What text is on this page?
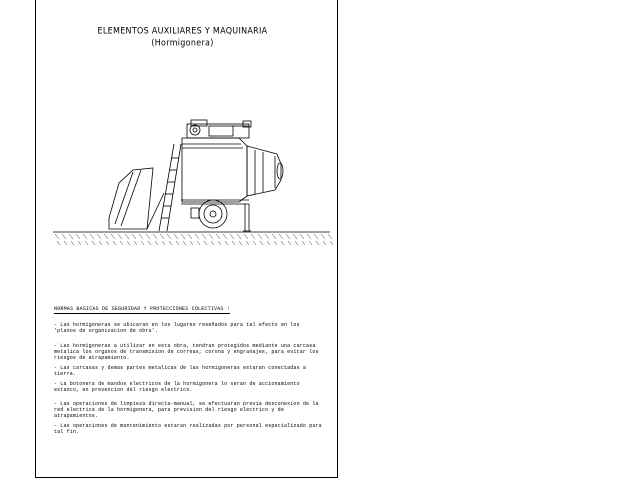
ELEMENTOS AUXILIARES Y MAQUINARIA
(Hormigonera)
NORMAS BASICAS DE SEGURIDAD Y PROTECCIONES COLECTIVAS :
- Las hormigoneras se ubicaran en los lugares reseñados para tal efecto en los 'planos de organizacion de obra'.
- Las hormigoneras a utilizar en esta obra, tendran protegidos mediante una carcasa metalica los organos de transmision de correas, corona y engranajes, para evitar los riesgos de atrapamiento.
- Las carcasas y demas partes metalicas de las hormigoneras estaran conectadas a tierra.
- La botonera de mandos electricos de la hormigonera lo seran de accionamiento estanco, en prevencion del riesgo electrico.
- Las operaciones de limpieza directa-manual, se efectuaran previa desconexion de la red electrica de la hormigonera, para prevision del riesgo electrico y de atrapamientos.
- Las operaciones de mantenimiento estaran realizadas por personal especializado para tal fin.
